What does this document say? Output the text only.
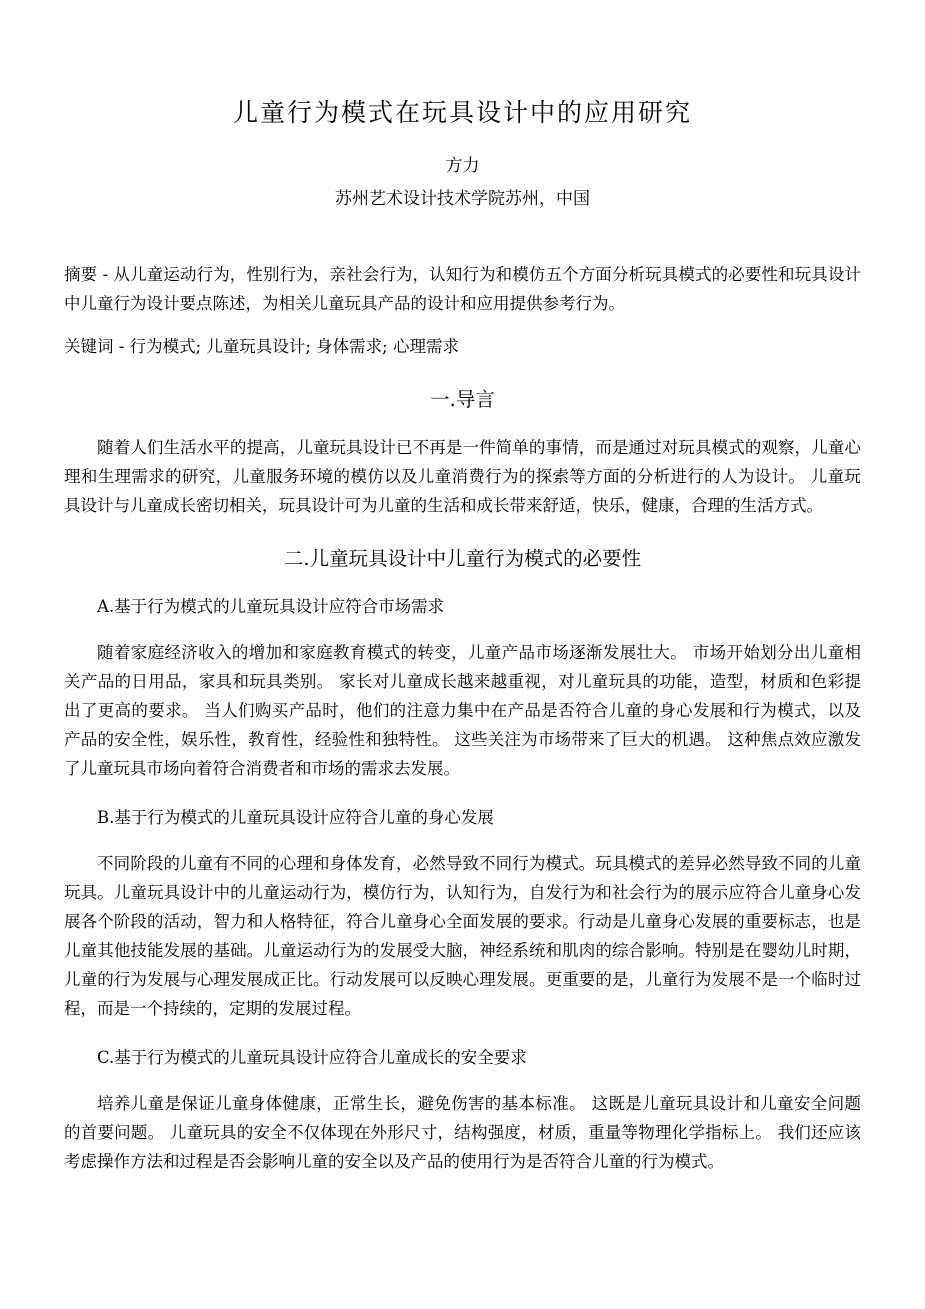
儿童行为模式在玩具设计中的应用研究
方力
苏州艺术设计技术学院苏州，中国
摘要 - 从儿童运动行为，性别行为，亲社会行为，认知行为和模仿五个方面分析玩具模式的必要性和玩具设计中儿童行为设计要点陈述，为相关儿童玩具产品的设计和应用提供参考行为。
关键词 - 行为模式; 儿童玩具设计; 身体需求; 心理需求
一.导言

随着人们生活水平的提高，儿童玩具设计已不再是一件简单的事情，而是通过对玩具模式的观察，儿童心理和生理需求的研究，儿童服务环境的模仿以及儿童消费行为的探索等方面的分析进行的人为设计。 儿童玩具设计与儿童成长密切相关，玩具设计可为儿童的生活和成长带来舒适，快乐，健康，合理的生活方式。

二.儿童玩具设计中儿童行为模式的必要性
A.基于行为模式的儿童玩具设计应符合市场需求

随着家庭经济收入的增加和家庭教育模式的转变，儿童产品市场逐渐发展壮大。 市场开始划分出儿童相关产品的日用品，家具和玩具类别。 家长对儿童成长越来越重视，对儿童玩具的功能，造型，材质和色彩提出了更高的要求。 当人们购买产品时，他们的注意力集中在产品是否符合儿童的身心发展和行为模式，以及产品的安全性，娱乐性，教育性，经验性和独特性。 这些关注为市场带来了巨大的机遇。 这种焦点效应激发了儿童玩具市场向着符合消费者和市场的需求去发展。

B.基于行为模式的儿童玩具设计应符合儿童的身心发展

不同阶段的儿童有不同的心理和身体发育，必然导致不同行为模式。玩具模式的差异必然导致不同的儿童玩具。儿童玩具设计中的儿童运动行为，模仿行为，认知行为，自发行为和社会行为的展示应符合儿童身心发展各个阶段的活动，智力和人格特征，符合儿童身心全面发展的要求。行动是儿童身心发展的重要标志，也是儿童其他技能发展的基础。儿童运动行为的发展受大脑，神经系统和肌肉的综合影响。特别是在婴幼儿时期，儿童的行为发展与心理发展成正比。行动发展可以反映心理发展。更重要的是，儿童行为发展不是一个临时过程，而是一个持续的，定期的发展过程。

C.基于行为模式的儿童玩具设计应符合儿童成长的安全要求

培养儿童是保证儿童身体健康，正常生长，避免伤害的基本标准。 这既是儿童玩具设计和儿童安全问题的首要问题。 儿童玩具的安全不仅体现在外形尺寸，结构强度，材质，重量等物理化学指标上。 我们还应该考虑操作方法和过程是否会影响儿童的安全以及产品的使用行为是否符合儿童的行为模式。
